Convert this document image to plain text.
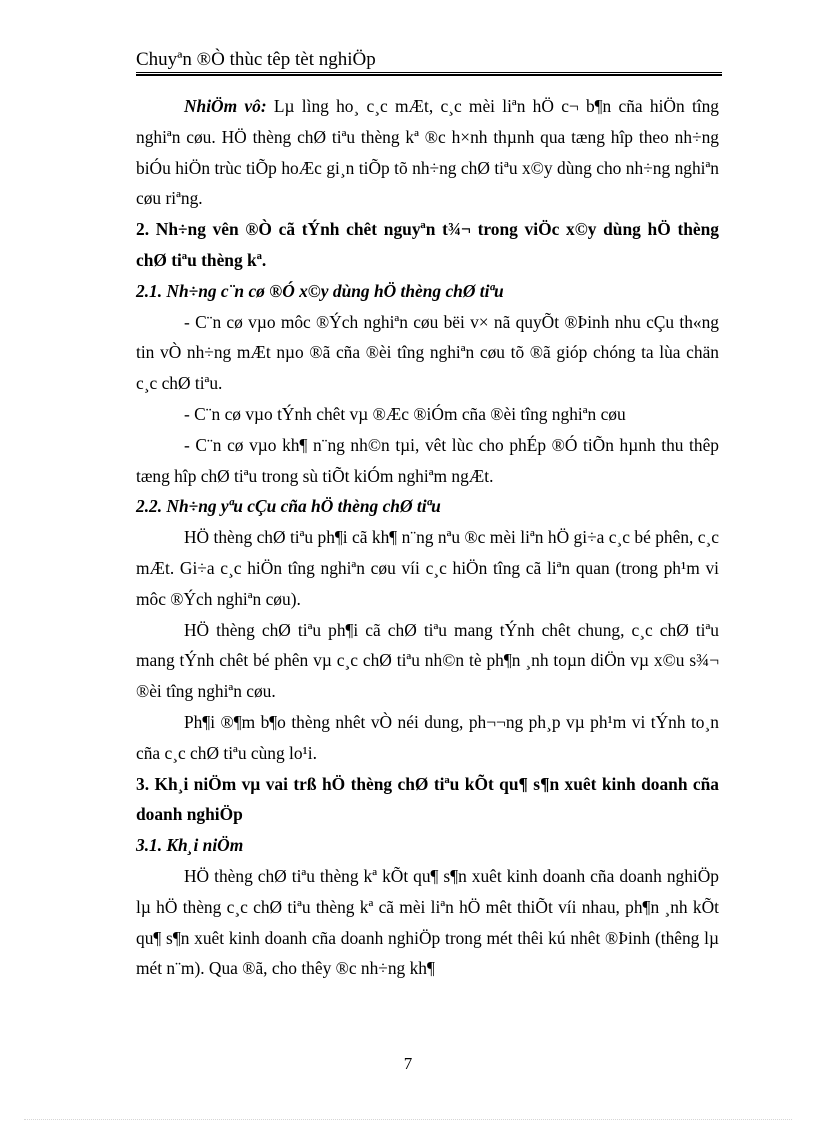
Chuyªn ®Ò thùc têp tèt nghiÖp

NhiÖm vô: Lµ lìng ho¸ c¸c mÆt, c¸c mèi liªn hÖ c¬ b¶n cña hiÖn tîng nghiªn cøu. HÖ thèng chØ tiªu thèng kª ®c h×nh thµnh qua tæng hîp theo nh÷ng biÓu hiÖn trùc tiÕp hoÆc gi¸n tiÕp tõ nh÷ng chØ tiªu x©y dùng cho nh÷ng nghiªn cøu riªng.

2. Nh÷ng vên ®Ò cã tÝnh chêt nguyªn t¾¬ trong viÖc x©y dùng hÖ thèng chØ tiªu thèng kª.

2.1. Nh÷ng c¨n cø ®Ó x©y dùng hÖ thèng chØ tiªu

- C¨n cø vµo môc ®Ých nghiªn cøu bëi v× nã quyÕt ®Þinh nhu cÇu th«ng tin vÒ nh÷ng mÆt nµo ®ã cña ®èi tîng nghiªn cøu tõ ®ã gióp chóng ta lùa chän c¸c chØ tiªu.

- C¨n cø vµo tÝnh chêt vµ ®Æc ®iÓm cña ®èi tîng nghiªn cøu

- C¨n cø vµo kh¶ n¨ng nh©n tµi, vêt lùc cho phÉp ®Ó tiÕn hµnh thu thêp tæng hîp chØ tiªu trong sù tiÕt kiÓm nghiªm ngÆt.

2.2. Nh÷ng yªu cÇu cña hÖ thèng chØ tiªu

HÖ thèng chØ tiªu ph¶i cã kh¶ n¨ng nªu ®c mèi liªn hÖ gi÷a c¸c bé phên, c¸c mÆt. Gi÷a c¸c hiÖn tîng nghiªn cøu víi c¸c hiÖn tîng cã liªn quan (trong ph¹m vi môc ®Ých nghiªn cøu).

HÖ thèng chØ tiªu ph¶i cã chØ tiªu mang tÝnh chêt chung, c¸c chØ tiªu mang tÝnh chêt bé phên vµ c¸c chØ tiªu nh©n tè ph¶n ¸nh toµn diÖn vµ x©u s¾¬ ®èi tîng nghiªn cøu.

Ph¶i ®¶m b¶o thèng nhêt vÒ néi dung, ph¬¬ng ph¸p vµ ph¹m vi tÝnh to¸n cña c¸c chØ tiªu cùng lo¹i.

3. Kh¸i niÖm vµ vai trß hÖ thèng chØ tiªu kÕt qu¶ s¶n xuêt kinh doanh cña doanh nghiÖp

3.1. Kh¸i niÖm

HÖ thèng chØ tiªu thèng kª kÕt qu¶ s¶n xuêt kinh doanh cña doanh nghiÖp lµ hÖ thèng c¸c chØ tiªu thèng kª cã mèi liªn hÖ mêt thiÕt víi nhau, ph¶n ¸nh kÕt qu¶ s¶n xuêt kinh doanh cña doanh nghiÖp trong mét thêi kú nhêt ®Þinh (thêng lµ mét n¨m). Qua ®ã, cho thêy ®c nh÷ng kh¶

7
